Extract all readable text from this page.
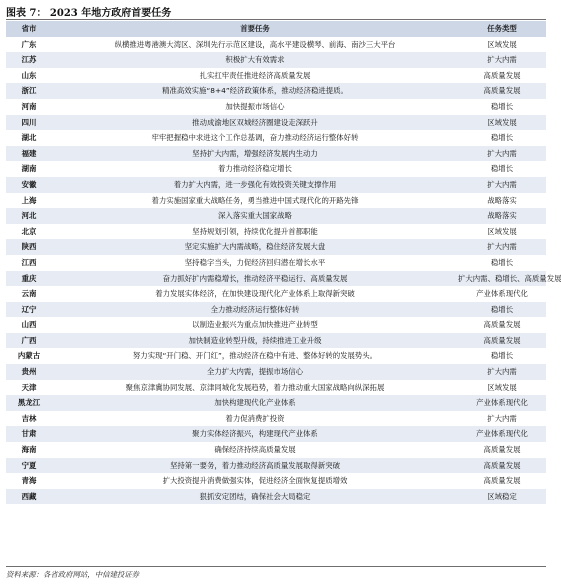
图表 7： 2023 年地方政府首要任务
省市	首要任务	任务类型
广东	纵横推进粤港澳大湾区、深圳先行示范区建设，高水平建设横琴、前海、南沙三大平台	区域发展
江苏	积极扩大有效需求	扩大内需
山东	扎实扛牢责任推进经济高质量发展	高质量发展
浙江	精准高效实施“8+4”经济政策体系，推动经济稳进提质。	高质量发展
河南	加快提振市场信心	稳增长
四川	推动成渝地区双城经济圈建设走深跃升	区域发展
湖北	牢牢把握稳中求进这个工作总基调，奋力推动经济运行整体好转	稳增长
福建	坚持扩大内需，增强经济发展内生动力	扩大内需
湖南	着力推动经济稳定增长	稳增长
安徽	着力扩大内需，进一步强化有效投资关键支撑作用	扩大内需
上海	着力实施国家重大战略任务，勇当推进中国式现代化的开路先锋	战略落实
河北	深入落实重大国家战略	战略落实
北京	坚持规划引领，持续优化提升首都职能	区域发展
陕西	坚定实施扩大内需战略，稳住经济发展大盘	扩大内需
江西	坚持稳字当头，力促经济回归潜在增长水平	稳增长
重庆	奋力抓好扩内需稳增长，推动经济平稳运行、高质量发展	扩大内需、稳增长、高质量发展
云南	着力发展实体经济，在加快建设现代化产业体系上取得新突破	产业体系现代化
辽宁	全力推动经济运行整体好转	稳增长
山西	以制造业振兴为重点加快推进产业转型	高质量发展
广西	加快制造业转型升级，持续推进工业升级	高质量发展
内蒙古	努力实现“开门稳、开门红”，推动经济在稳中有进、整体好转的发展势头。	稳增长
贵州	全力扩大内需，提振市场信心	扩大内需
天津	聚焦京津冀协同发展、京津同城化发展趋势，着力推动重大国家战略向纵深拓展	区域发展
黑龙江	加快构建现代化产业体系	产业体系现代化
吉林	着力促消费扩投资	扩大内需
甘肃	聚力实体经济振兴，构建现代产业体系	产业体系现代化
海南	确保经济持续高质量发展	高质量发展
宁夏	坚持第一要务，着力推动经济高质量发展取得新突破	高质量发展
青海	扩大投资提升消费做强实体，促进经济全面恢复提质增效	高质量发展
西藏	狠抓安定团结，确保社会大局稳定	区域稳定
资料来源：各省政府网站，中信建投证券
